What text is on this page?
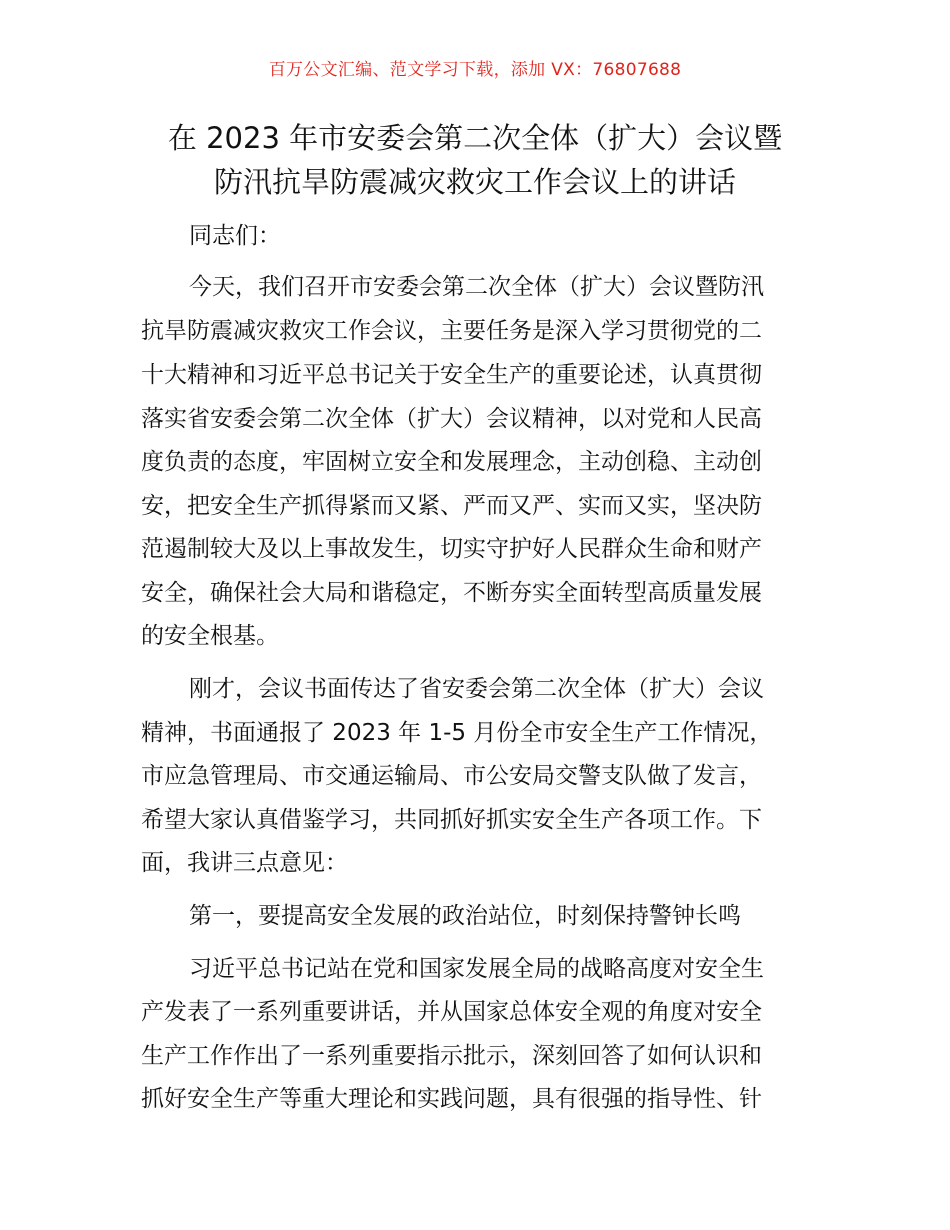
百万公文汇编、范文学习下载，添加 VX：76807688
在 2023 年市安委会第二次全体（扩大）会议暨
防汛抗旱防震减灾救灾工作会议上的讲话
同志们：
今天，我们召开市安委会第二次全体（扩大）会议暨防汛
抗旱防震减灾救灾工作会议，主要任务是深入学习贯彻党的二
十大精神和习近平总书记关于安全生产的重要论述，认真贯彻
落实省安委会第二次全体（扩大）会议精神，以对党和人民高
度负责的态度，牢固树立安全和发展理念，主动创稳、主动创
安，把安全生产抓得紧而又紧、严而又严、实而又实，坚决防
范遏制较大及以上事故发生，切实守护好人民群众生命和财产
安全，确保社会大局和谐稳定，不断夯实全面转型高质量发展
的安全根基。
刚才，会议书面传达了省安委会第二次全体（扩大）会议
精神，书面通报了 2023 年 1-5 月份全市安全生产工作情况，
市应急管理局、市交通运输局、市公安局交警支队做了发言，
希望大家认真借鉴学习，共同抓好抓实安全生产各项工作。下
面，我讲三点意见：
第一，要提高安全发展的政治站位，时刻保持警钟长鸣
习近平总书记站在党和国家发展全局的战略高度对安全生
产发表了一系列重要讲话，并从国家总体安全观的角度对安全
生产工作作出了一系列重要指示批示，深刻回答了如何认识和
抓好安全生产等重大理论和实践问题，具有很强的指导性、针
